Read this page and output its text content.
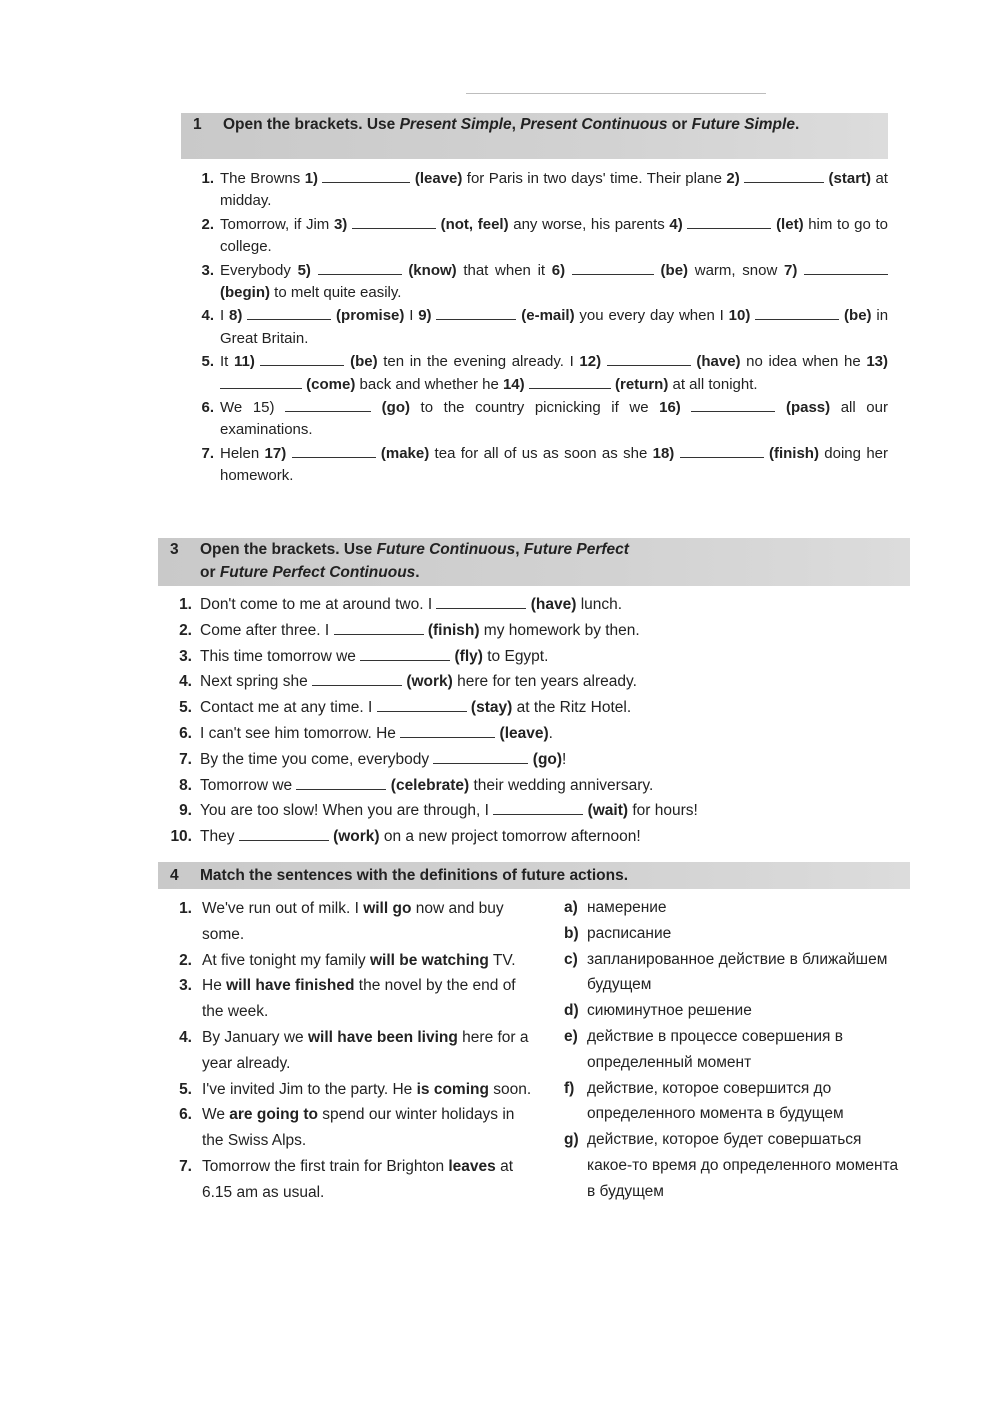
1 Open the brackets. Use Present Simple, Present Continuous or Future Simple.
1. The Browns 1)	(leave) for Paris in two days' time. Their plane 2)	(start) at midday.
2. Tomorrow, if Jim 3)	(not, feel) any worse, his parents 4)	(let) him to go to college.
3. Everybody 5)	(know) that when it 6)	(be) warm, snow 7)  (begin) to melt quite easily.
4. I 8)	(promise) I 9)	(e-mail) you every day when I 10)	(be) in Great Britain.
5. It 11)	(be) ten in the evening already. I 12)	(have) no idea when he 13)  (come) back and whether he 14)	(return) at all tonight.
6. We 15)	(go) to the country picnicking if we 16)	(pass) all our examinations.
7. Helen 17)	(make) tea for all of us as soon as she 18)	(finish) doing her homework.
3 Open the brackets. Use Future Continuous, Future Perfect
or Future Perfect Continuous.
1. Don't come to me at around two. I	(have) lunch.
2. Come after three. I	(finish) my homework by then.
3. This time tomorrow we	(fly) to Egypt.
4. Next spring she	(work) here for ten years already.
5. Contact me at any time. I	(stay) at the Ritz Hotel.
6. I can't see him tomorrow. He	(leave).
7. By the time you come, everybody	(go)!
8. Tomorrow we	(celebrate) their wedding anniversary.
9. You are too slow! When you are through, I	(wait) for hours!
10. They	(work) on a new project tomorrow afternoon!
4 Match the sentences with the definitions of future actions.
1. We've run out of milk. I will go now and buy some.
2. At five tonight my family will be watching TV.
3. He will have finished the novel by the end of the week.
4. By January we will have been living here for a year already.
5. I've invited Jim to the party. He is coming soon.
6. We are going to spend our winter holidays in the Swiss Alps.
7. Tomorrow the first train for Brighton leaves at 6.15 am as usual.
a) намерение
b) расписание
c) запланированное действие в ближайшем будущем
d) сиюминутное решение
e) действие в процессе совершения в определенный момент
f) действие, которое совершится до определенного момента в будущем
g) действие, которое будет совершаться какое-то время до определенного момента в будущем
